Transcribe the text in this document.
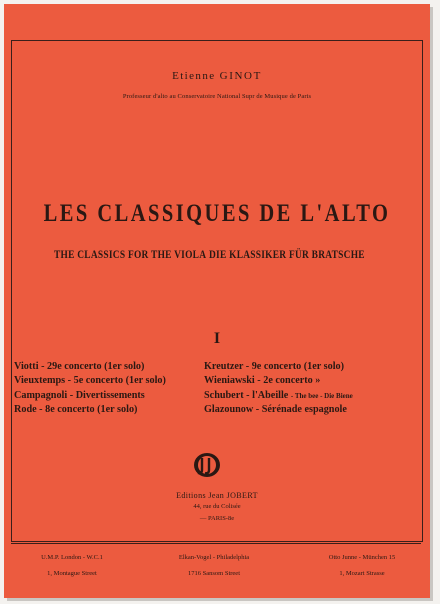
Etienne GINOT
Professeur d'alto au Conservatoire National Supr de Musique de Paris
LES CLASSIQUES DE L'ALTO
THE CLASSICS FOR THE VIOLA DIE KLASSIKER FÜR BRATSCHE
I
Viotti - 29e concerto (1er solo)
Vieuxtemps - 5e concerto (1er solo)
Campagnoli - Divertissements
Rode - 8e concerto (1er solo)
Kreutzer - 9e concerto (1er solo)
Wieniawski - 2e concerto »
Schubert - l'Abeille - The bee - Die Biene
Glazounow - Sérénade espagnole
Editions Jean JOBERT
44, rue du Colisée
— PARIS-8e
U.M.P. London - W.C.1
1, Montague Street
Elkan-Vogel - Philadelphia
1716 Sansom Street
Otto Junne - München 15
1, Mozart Strasse
